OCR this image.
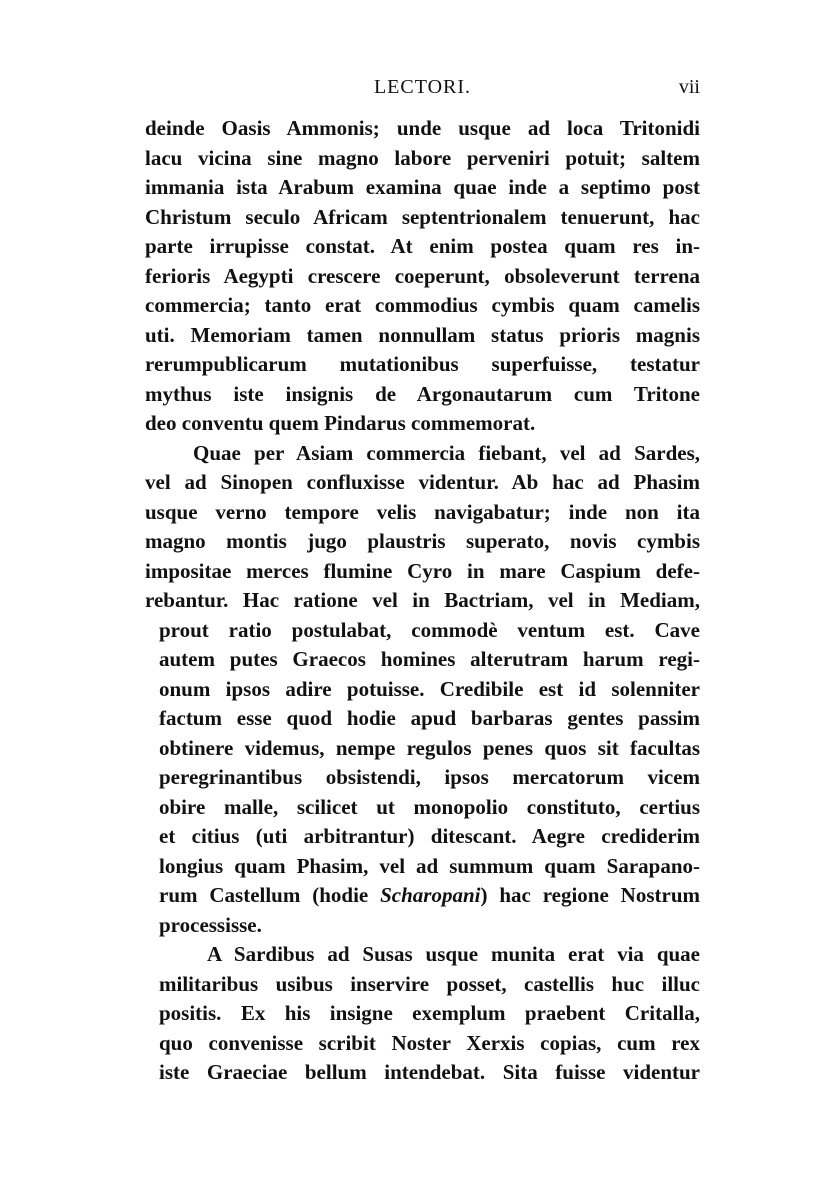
LECTORI.	vii
deinde Oasis Ammonis; unde usque ad loca Tritonidi
lacu vicina sine magno labore perveniri potuit; saltem
immania ista Arabum examina quae inde a septimo post
Christum seculo Africam septentrionalem tenuerunt, hac
parte irrupisse constat. At enim postea quam res in-
ferioris Aegypti crescere coeperunt, obsoleverunt terrena
commercia; tanto erat commodius cymbis quam camelis
uti. Memoriam tamen nonnullam status prioris magnis
rerumpublicarum mutationibus superfuisse, testatur
mythus iste insignis de Argonautarum cum Tritone
deo conventu quem Pindarus commemorat.
Quae per Asiam commercia fiebant, vel ad Sardes,
vel ad Sinopen confluxisse videntur. Ab hac ad Phasim
usque verno tempore velis navigabatur; inde non ita
magno montis jugo plaustris superato, novis cymbis
impositae merces flumine Cyro in mare Caspium defe-
rebantur. Hac ratione vel in Bactriam, vel in Mediam,
prout ratio postulabat, commodè ventum est. Cave
autem putes Graecos homines alterutram harum regi-
onum ipsos adire potuisse. Credibile est id solenniter
factum esse quod hodie apud barbaras gentes passim
obtinere videmus, nempe regulos penes quos sit facultas
peregrinantibus obsistendi, ipsos mercatorum vicem
obire malle, scilicet ut monopolio constituto, certius
et citius (uti arbitrantur) ditescant. Aegre crediderim
longius quam Phasim, vel ad summum quam Sarapano-
rum Castellum (hodie Scharopani) hac regione Nostrum
processisse.
A Sardibus ad Susas usque munita erat via quae
militaribus usibus inservire posset, castellis huc illuc
positis. Ex his insigne exemplum praebent Critalla,
quo convenisse scribit Noster Xerxis copias, cum rex
iste Graeciae bellum intendebat. Sita fuisse videntur
